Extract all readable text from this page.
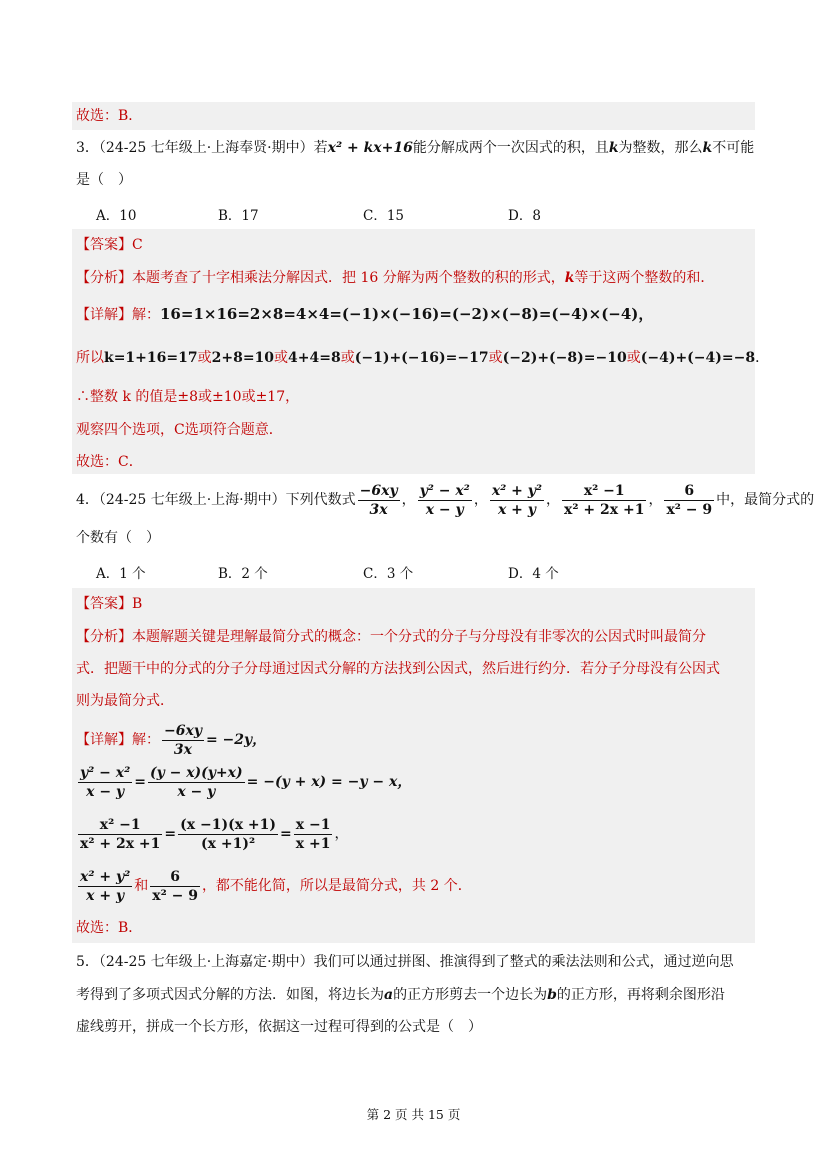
故选：B．
3．（24-25 七年级上·上海奉贤·期中）若x² + kx+16能分解成两个一次因式的积，且k为整数，那么k不可能
是（　）
A．10	B．17	C．15	D．8
【答案】C
【分析】本题考查了十字相乘法分解因式．把 16 分解为两个整数的积的形式，k等于这两个整数的和．
【详解】解：16=1×16=2×8=4×4=(−1)×(−16)=(−2)×(−8)=(−4)×(−4)，
所以k=1+16=17或2+8=10或4+4=8或(−1)+(−16)=−17或(−2)+(−8)=−10或(−4)+(−4)=−8．
∴整数 k 的值是±8或±10或±17，
观察四个选项，C选项符合题意．
故选：C．
4．（24-25 七年级上·上海·期中）下列代数式 $\frac{-6xy}{3x}$ ， $\frac{\text{y² − x²}}{x - y}$ ， $\frac{\text{x² + y²}}{x + y}$ ， $\frac{\text{x² −1}}{\text{x² + 2x +1}}$ ， $\frac{6}{\text{x² − 9}}$ 中，最简分式的
个数有（　）
A．1 个	B．2 个	C．3 个	D．4 个
【答案】B
【分析】本题解题关键是理解最简分式的概念：一个分式的分子与分母没有非零次的公因式时叫最简分
式．把题干中的分式的分子分母通过因式分解的方法找到公因式，然后进行约分．若分子分母没有公因式
则为最简分式．
【详解】解： $\frac{-6xy}{3x} = -2y$，
$\frac{\text{y² − x²}}{x - y} = \frac{(y - x)(y+x)}{x - y} = -(y + x) = -y - x$，
$\frac{\text{x² −1}}{\text{x² + 2x +1}} = \frac{(x -1)(x +1)}{\text{(x +1)²}} = \frac{x -1}{x +1}$ ，
$\frac{\text{x² + y²}}{x + y}$ 和 $\frac{6}{\text{x² − 9}}$ ，都不能化简，所以是最简分式，共 2 个．
故选：B．
5．（24-25 七年级上·上海嘉定·期中）我们可以通过拼图、推演得到了整式的乘法法则和公式，通过逆向思
考得到了多项式因式分解的方法．如图，将边长为a的正方形剪去一个边长为b的正方形，再将剩余图形沿
虚线剪开，拼成一个长方形，依据这一过程可得到的公式是（　）
第 2 页 共 15 页
